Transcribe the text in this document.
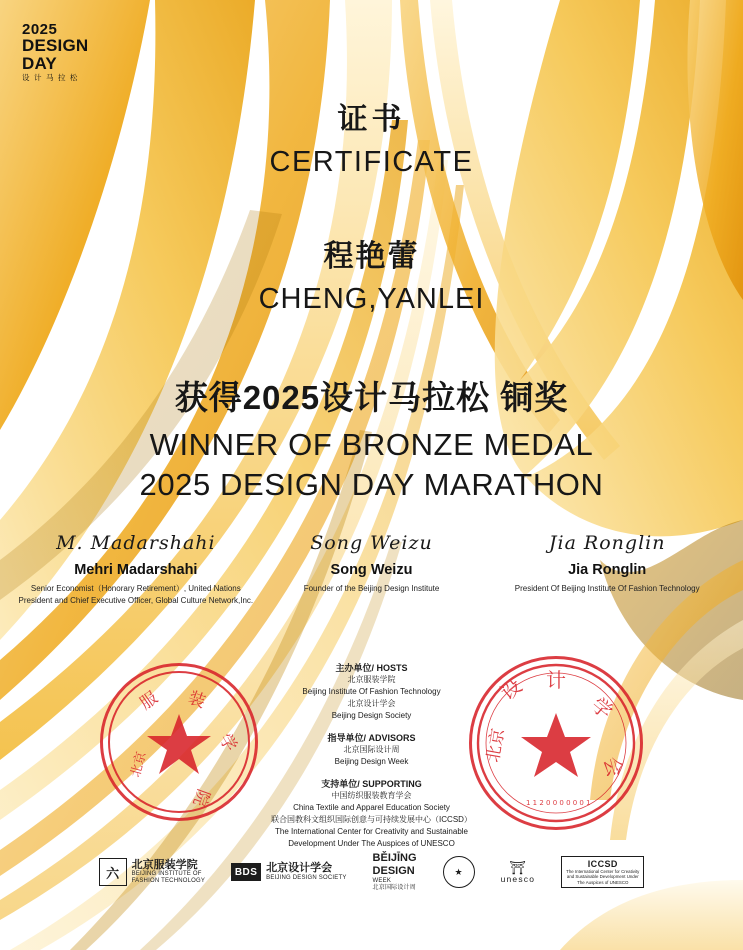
2025
DESIGN
DAY
设 计 马 拉 松
证书
CERTIFICATE
程艳蕾
CHENG,YANLEI
获得2025设计马拉松 铜奖
WINNER OF BRONZE MEDAL
2025 DESIGN DAY MARATHON
M. Madarshahi
Mehri Madarshahi
Senior Economist（Honorary Retirement）, United Nations
President and Chief Executive Officer, Global Culture Network,Inc.
Song Weizu
Song Weizu
Founder of the Beijing Design Institute
Jia Ronglin
Jia Ronglin
President Of Beijing Institute Of Fashion Technology
主办单位/ HOSTS
北京服装学院
Beijing Institute Of Fashion Technology
北京设计学会
Beijing Design Society
指导单位/ ADVISORS
北京国际设计周
Beijing Design Week
支持单位/ SUPPORTING
中国纺织服装教育学会
China Textile and Apparel Education Society
联合国教科文组织国际创意与可持续发展中心（ICCSD）
The International Center for Creativity and Sustainable
Development Under The Auspices of UNESCO
服 装
学
院
北京
设 计
学
会
北京
1 1 2 0 0 0 0 0 0 1
六
北京服装学院
BEIJING INSTITUTE OF
FASHION TECHNOLOGY
BDS 北京设计学会
BEIJING DESIGN SOCIETY
BĚIJĪNG
DESIGN
WEEK
北京国际设计周
★	⛩
unesco
ICCSD
The International Center for Creativity
and Sustainable Development Under
The Auspices of UNESCO
